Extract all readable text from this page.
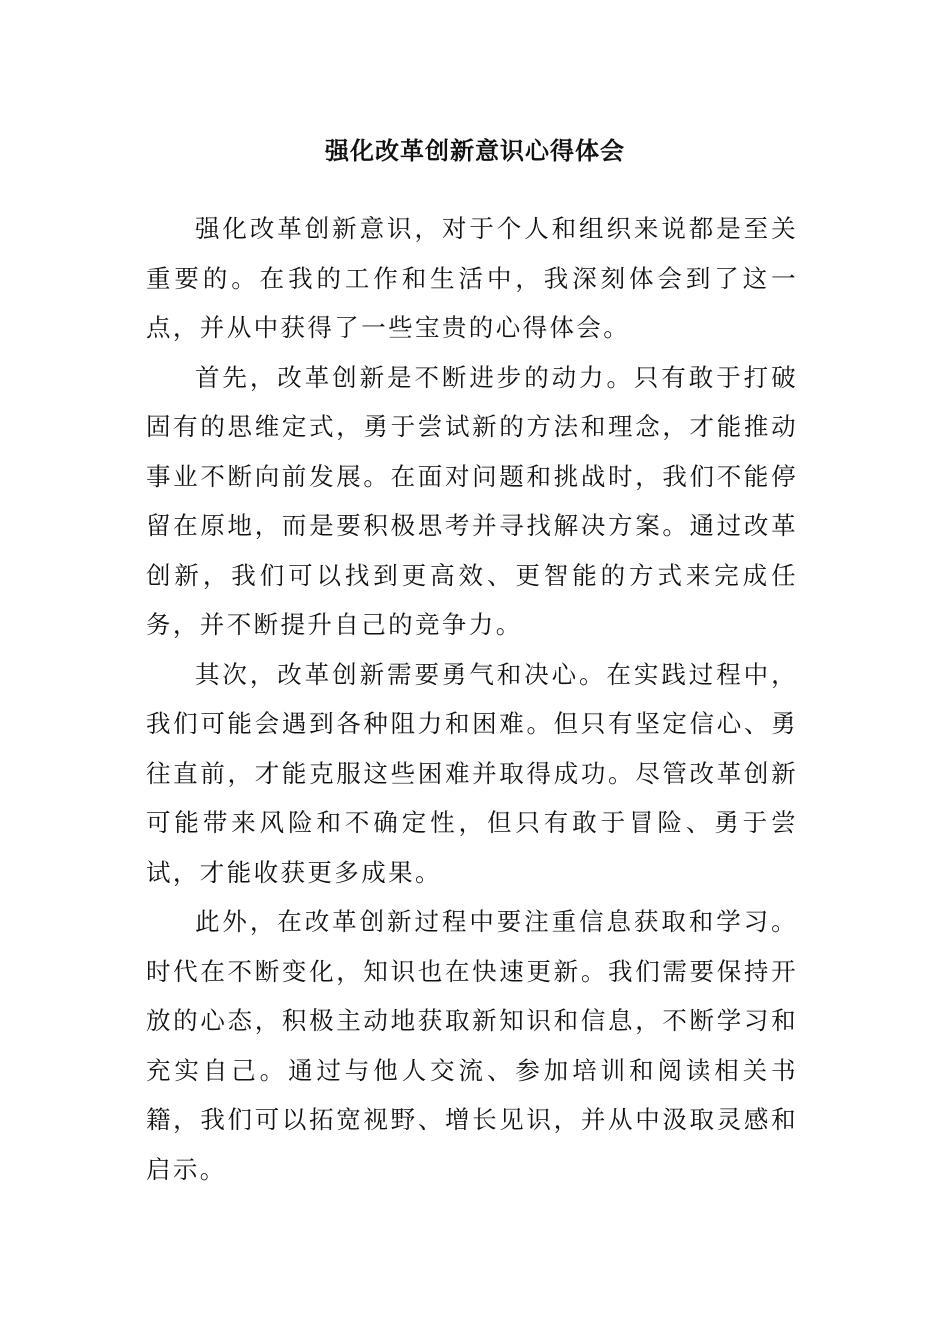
强化改革创新意识心得体会

强化改革创新意识，对于个人和组织来说都是至关重要的。在我的工作和生活中，我深刻体会到了这一点，并从中获得了一些宝贵的心得体会。

首先，改革创新是不断进步的动力。只有敢于打破固有的思维定式，勇于尝试新的方法和理念，才能推动事业不断向前发展。在面对问题和挑战时，我们不能停留在原地，而是要积极思考并寻找解决方案。通过改革创新，我们可以找到更高效、更智能的方式来完成任务，并不断提升自己的竞争力。

其次，改革创新需要勇气和决心。在实践过程中，我们可能会遇到各种阻力和困难。但只有坚定信心、勇往直前，才能克服这些困难并取得成功。尽管改革创新可能带来风险和不确定性，但只有敢于冒险、勇于尝试，才能收获更多成果。

此外，在改革创新过程中要注重信息获取和学习。时代在不断变化，知识也在快速更新。我们需要保持开放的心态，积极主动地获取新知识和信息，不断学习和充实自己。通过与他人交流、参加培训和阅读相关书籍，我们可以拓宽视野、增长见识，并从中汲取灵感和启示。
